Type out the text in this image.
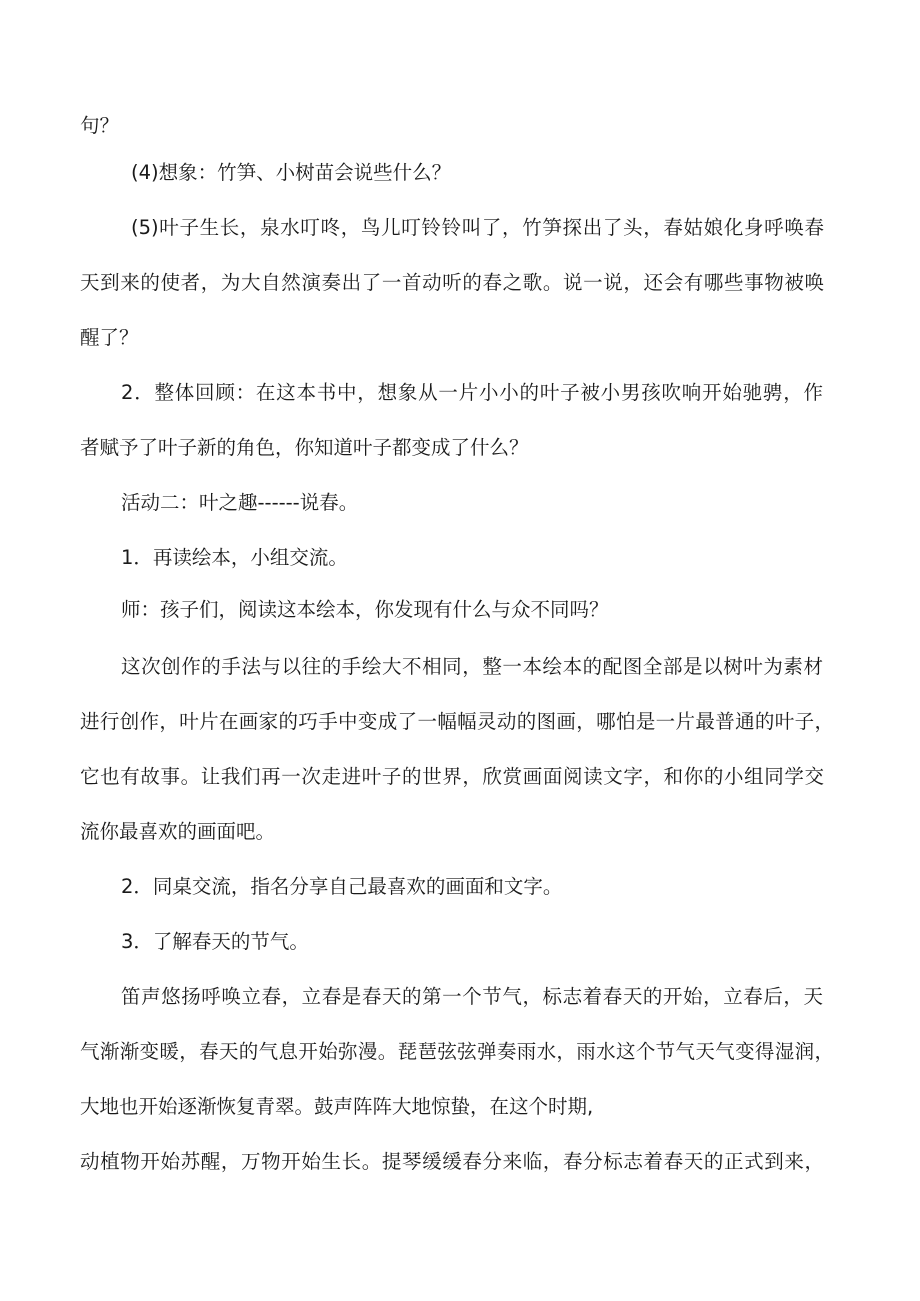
句？
(4)想象：竹笋、小树苗会说些什么？
(5)叶子生长，泉水叮咚，鸟儿叮铃铃叫了，竹笋探出了头，春姑娘化身呼唤春
天到来的使者，为大自然演奏出了一首动听的春之歌。说一说，还会有哪些事物被唤
醒了？
2．整体回顾：在这本书中，想象从一片小小的叶子被小男孩吹响开始驰骋，作
者赋予了叶子新的角色，你知道叶子都变成了什么？
活动二：叶之趣------说春。
1．再读绘本，小组交流。
师：孩子们，阅读这本绘本，你发现有什么与众不同吗？
这次创作的手法与以往的手绘大不相同，整一本绘本的配图全部是以树叶为素材
进行创作，叶片在画家的巧手中变成了一幅幅灵动的图画，哪怕是一片最普通的叶子，
它也有故事。让我们再一次走进叶子的世界，欣赏画面阅读文字，和你的小组同学交
流你最喜欢的画面吧。
2．同桌交流，指名分享自己最喜欢的画面和文字。
3．了解春天的节气。
笛声悠扬呼唤立春，立春是春天的第一个节气，标志着春天的开始，立春后，天
气渐渐变暖，春天的气息开始弥漫。琵琶弦弦弹奏雨水，雨水这个节气天气变得湿润，
大地也开始逐渐恢复青翠。鼓声阵阵大地惊蛰，在这个时期,
动植物开始苏醒，万物开始生长。提琴缓缓春分来临，春分标志着春天的正式到来，
